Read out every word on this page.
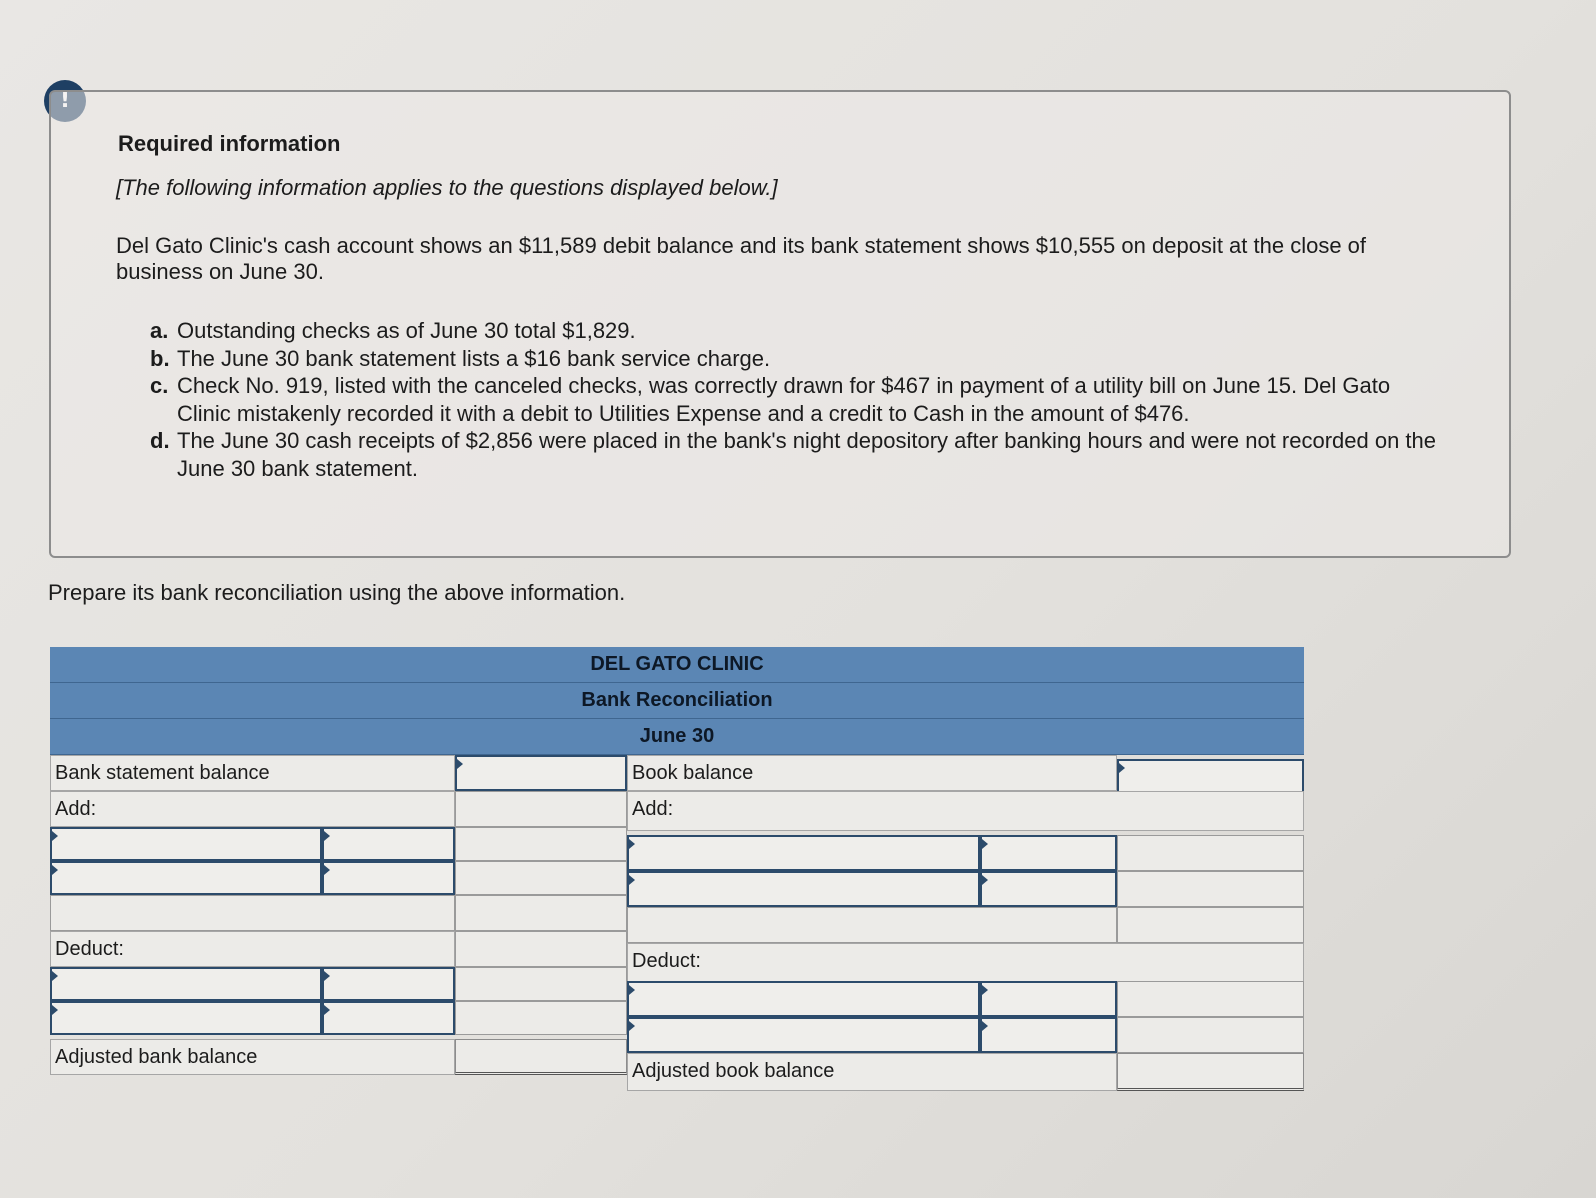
Required information
[The following information applies to the questions displayed below.]
Del Gato Clinic's cash account shows an $11,589 debit balance and its bank statement shows $10,555 on deposit at the close of business on June 30.
a. Outstanding checks as of June 30 total $1,829.
b. The June 30 bank statement lists a $16 bank service charge.
c. Check No. 919, listed with the canceled checks, was correctly drawn for $467 in payment of a utility bill on June 15. Del Gato Clinic mistakenly recorded it with a debit to Utilities Expense and a credit to Cash in the amount of $476.
d. The June 30 cash receipts of $2,856 were placed in the bank's night depository after banking hours and were not recorded on the June 30 bank statement.
Prepare its bank reconciliation using the above information.
DEL GATO CLINIC
Bank Reconciliation
June 30
Bank statement balance
Add:
Deduct:
Adjusted bank balance
Book balance
Add:
Deduct:
Adjusted book balance
